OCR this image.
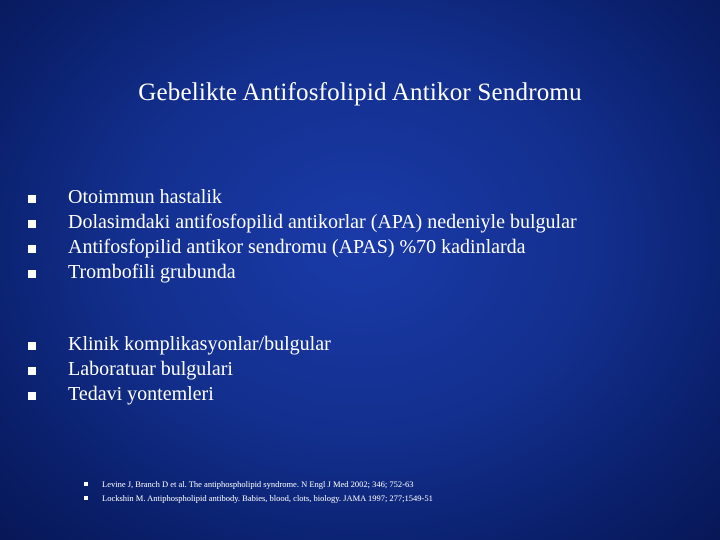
Gebelikte Antifosfolipid Antikor Sendromu
Otoimmun hastalik
Dolasimdaki antifosfopilid antikorlar (APA) nedeniyle bulgular
Antifosfopilid antikor sendromu (APAS) %70 kadinlarda
Trombofili grubunda
Klinik komplikasyonlar/bulgular
Laboratuar bulgulari
Tedavi yontemleri
Levine J, Branch D et al. The antiphospholipid syndrome. N Engl J Med 2002; 346; 752-63
Lockshin M. Antiphospholipid antibody. Babies, blood, clots, biology. JAMA 1997; 277;1549-51
